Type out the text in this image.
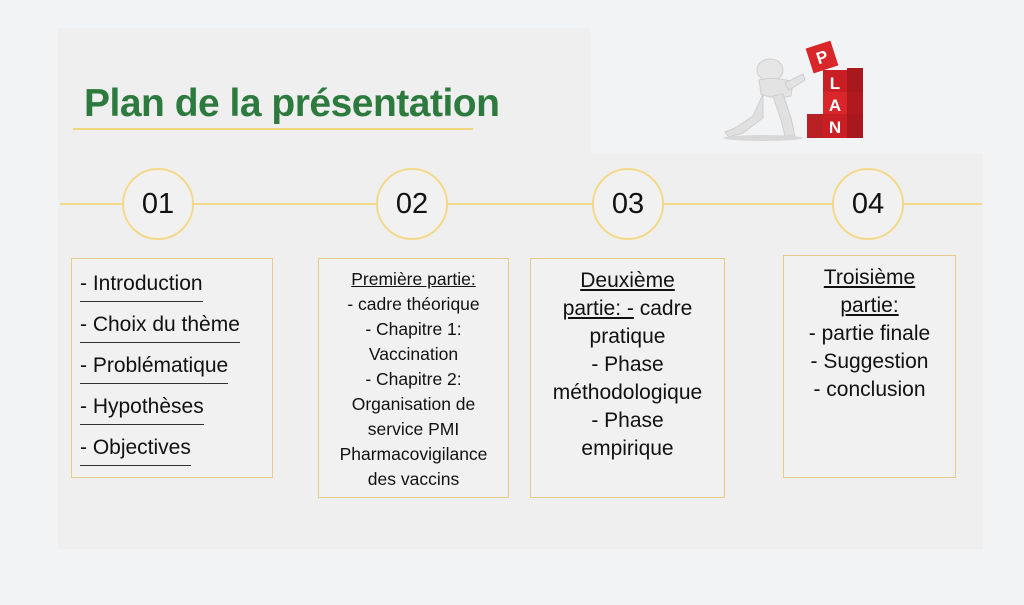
Plan de la présentation
P
L
A
N
01	02	03	04
- Introduction
- Choix du thème
- Problématique
- Hypothèses
- Objectives
Première partie:
- cadre théorique
- Chapitre 1:
Vaccination
- Chapitre 2:
Organisation de
service PMI
Pharmacovigilance
des vaccins
Deuxième
partie: - cadre
pratique
- Phase
méthodologique
- Phase
empirique
Troisième
partie:
- partie finale
- Suggestion
- conclusion
